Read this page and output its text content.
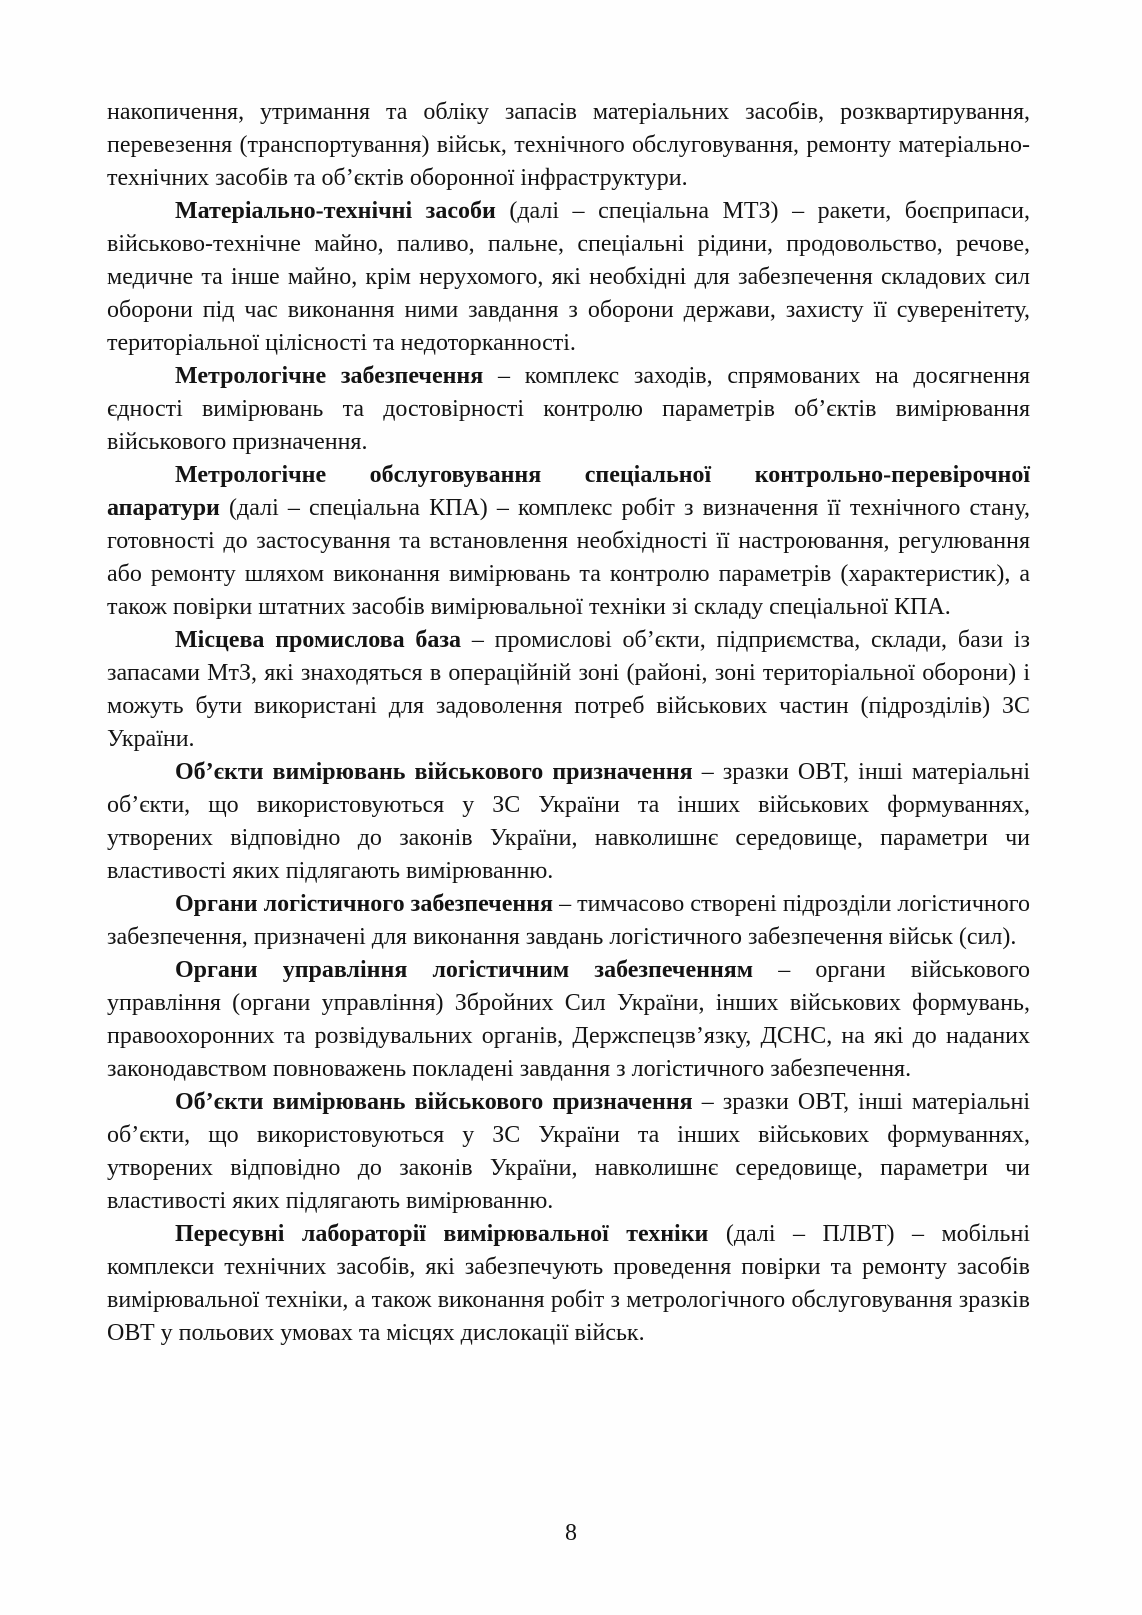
накопичення, утримання та обліку запасів матеріальних засобів, розквартирування, перевезення (транспортування) військ, технічного обслуговування, ремонту матеріально-технічних засобів та об’єктів оборонної інфраструктури.

Матеріально-технічні засоби (далі – спеціальна МТЗ) – ракети, боєприпаси, військово-технічне майно, паливо, пальне, спеціальні рідини, продовольство, речове, медичне та інше майно, крім нерухомого, які необхідні для забезпечення складових сил оборони під час виконання ними завдання з оборони держави, захисту її суверенітету, територіальної цілісності та недоторканності.

Метрологічне забезпечення – комплекс заходів, спрямованих на досягнення єдності вимірювань та достовірності контролю параметрів об’єктів вимірювання військового призначення.

Метрологічне обслуговування спеціальної контрольно-перевірочної апаратури (далі – спеціальна КПА) – комплекс робіт з визначення її технічного стану, готовності до застосування та встановлення необхідності її настроювання, регулювання або ремонту шляхом виконання вимірювань та контролю параметрів (характеристик), а також повірки штатних засобів вимірювальної техніки зі складу спеціальної КПА.

Місцева промислова база – промислові об’єкти, підприємства, склади, бази із запасами МтЗ, які знаходяться в операційній зоні (районі, зоні територіальної оборони) і можуть бути використані для задоволення потреб військових частин (підрозділів) ЗС України.

Об’єкти вимірювань військового призначення – зразки ОВТ, інші матеріальні об’єкти, що використовуються у ЗС України та інших військових формуваннях, утворених відповідно до законів України, навколишнє середовище, параметри чи властивості яких підлягають вимірюванню.

Органи логістичного забезпечення – тимчасово створені підрозділи логістичного забезпечення, призначені для виконання завдань логістичного забезпечення військ (сил).

Органи управління логістичним забезпеченням – органи військового управління (органи управління) Збройних Сил України, інших військових формувань, правоохоронних та розвідувальних органів, Держспецзв’язку, ДСНС, на які до наданих законодавством повноважень покладені завдання з логістичного забезпечення.

Об’єкти вимірювань військового призначення – зразки ОВТ, інші матеріальні об’єкти, що використовуються у ЗС України та інших військових формуваннях, утворених відповідно до законів України, навколишнє середовище, параметри чи властивості яких підлягають вимірюванню.

Пересувні лабораторії вимірювальної техніки (далі – ПЛВТ) – мобільні комплекси технічних засобів, які забезпечують проведення повірки та ремонту засобів вимірювальної техніки, а також виконання робіт з метрологічного обслуговування зразків ОВТ у польових умовах та місцях дислокації військ.

8
